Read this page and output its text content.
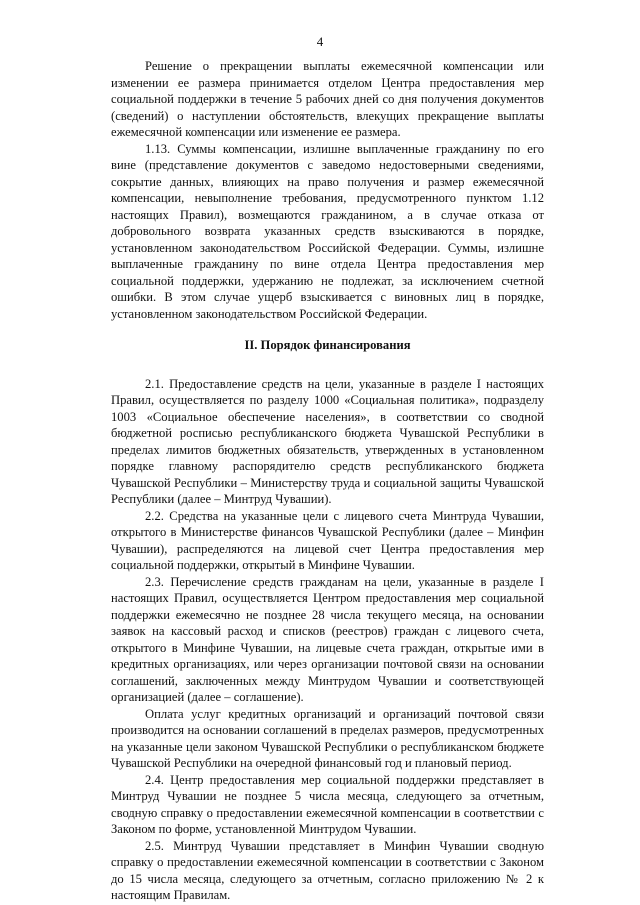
4

Решение о прекращении выплаты ежемесячной компенсации или изменении ее размера принимается отделом Центра предоставления мер социальной поддержки в течение 5 рабочих дней со дня получения документов (сведений) о наступлении обстоятельств, влекущих прекращение выплаты ежемесячной компенсации или изменение ее размера.

1.13. Суммы компенсации, излишне выплаченные гражданину по его вине (представление документов с заведомо недостоверными сведениями, сокрытие данных, влияющих на право получения и размер ежемесячной компенсации, невыполнение требования, предусмотренного пунктом 1.12 настоящих Правил), возмещаются гражданином, а в случае отказа от добровольного возврата указанных средств взыскиваются в порядке, установленном законодательством Российской Федерации. Суммы, излишне выплаченные гражданину по вине отдела Центра предоставления мер социальной поддержки, удержанию не подлежат, за исключением счетной ошибки. В этом случае ущерб взыскивается с виновных лиц в порядке, установленном законодательством Российской Федерации.

II. Порядок финансирования

2.1. Предоставление средств на цели, указанные в разделе I настоящих Правил, осуществляется по разделу 1000 «Социальная политика», подразделу 1003 «Социальное обеспечение населения», в соответствии со сводной бюджетной росписью республиканского бюджета Чувашской Республики в пределах лимитов бюджетных обязательств, утвержденных в установленном порядке главному распорядителю средств республиканского бюджета Чувашской Республики – Министерству труда и социальной защиты Чувашской Республики (далее – Минтруд Чувашии).

2.2. Средства на указанные цели с лицевого счета Минтруда Чувашии, открытого в Министерстве финансов Чувашской Республики (далее – Минфин Чувашии), распределяются на лицевой счет Центра предоставления мер социальной поддержки, открытый в Минфине Чувашии.

2.3. Перечисление средств гражданам на цели, указанные в разделе I настоящих Правил, осуществляется Центром предоставления мер социальной поддержки ежемесячно не позднее 28 числа текущего месяца, на основании заявок на кассовый расход и списков (реестров) граждан с лицевого счета, открытого в Минфине Чувашии, на лицевые счета граждан, открытые ими в кредитных организациях, или через организации почтовой связи на основании соглашений, заключенных между Минтрудом Чувашии и соответствующей организацией (далее – соглашение).

Оплата услуг кредитных организаций и организаций почтовой связи производится на основании соглашений в пределах размеров, предусмотренных на указанные цели законом Чувашской Республики о республиканском бюджете Чувашской Республики на очередной финансовый год и плановый период.

2.4. Центр предоставления мер социальной поддержки представляет в Минтруд Чувашии не позднее 5 числа месяца, следующего за отчетным, сводную справку о предоставлении ежемесячной компенсации в соответствии с Законом по форме, установленной Минтрудом Чувашии.

2.5. Минтруд Чувашии представляет в Минфин Чувашии сводную справку о предоставлении ежемесячной компенсации в соответствии с Законом до 15 числа месяца, следующего за отчетным, согласно приложению № 2 к настоящим Правилам.
